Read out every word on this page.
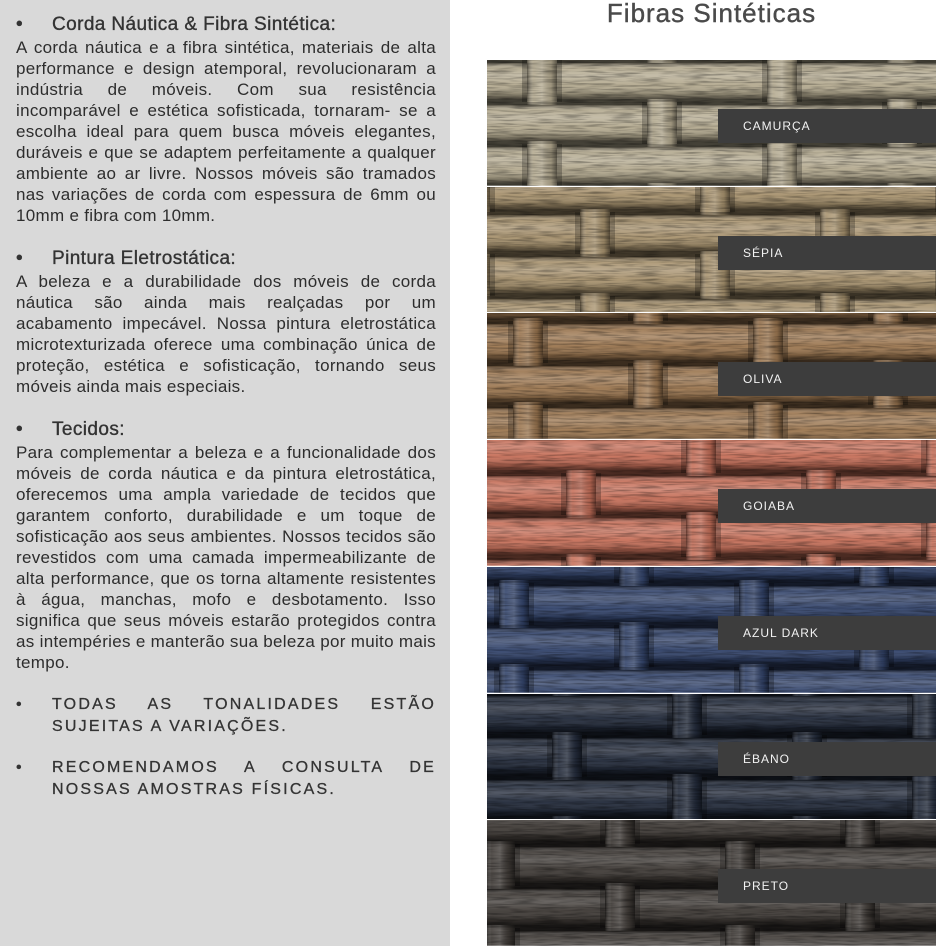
• Corda Náutica & Fibra Sintética:

A corda náutica e a fibra sintética, materiais de alta performance e design atemporal, revolucionaram a indústria de móveis. Com sua resistência incomparável e estética sofisticada, tornaram- se a escolha ideal para quem busca móveis elegantes, duráveis e que se adaptem perfeitamente a qualquer ambiente ao ar livre. Nossos móveis são tramados nas variações de corda com espessura de 6mm ou 10mm e fibra com 10mm.

• Pintura Eletrostática:

A beleza e a durabilidade dos móveis de corda náutica são ainda mais realçadas por um acabamento impecável. Nossa pintura eletrostática microtexturizada oferece uma combinação única de proteção, estética e sofisticação, tornando seus móveis ainda mais especiais.

• Tecidos:

Para complementar a beleza e a funcionalidade dos móveis de corda náutica e da pintura eletrostática, oferecemos uma ampla variedade de tecidos que garantem conforto, durabilidade e um toque de sofisticação aos seus ambientes. Nossos tecidos são revestidos com uma camada impermeabilizante de alta performance, que os torna altamente resistentes à água, manchas, mofo e desbotamento. Isso significa que seus móveis estarão protegidos contra as intempéries e manterão sua beleza por muito mais tempo.

• TODAS AS TONALIDADES ESTÃO SUJEITAS A VARIAÇÕES.
• RECOMENDAMOS A CONSULTA DE NOSSAS AMOSTRAS FÍSICAS.
Fibras Sintéticas
CAMURÇA
SÉPIA
OLIVA
GOIABA
AZUL DARK
ÉBANO
PRETO
